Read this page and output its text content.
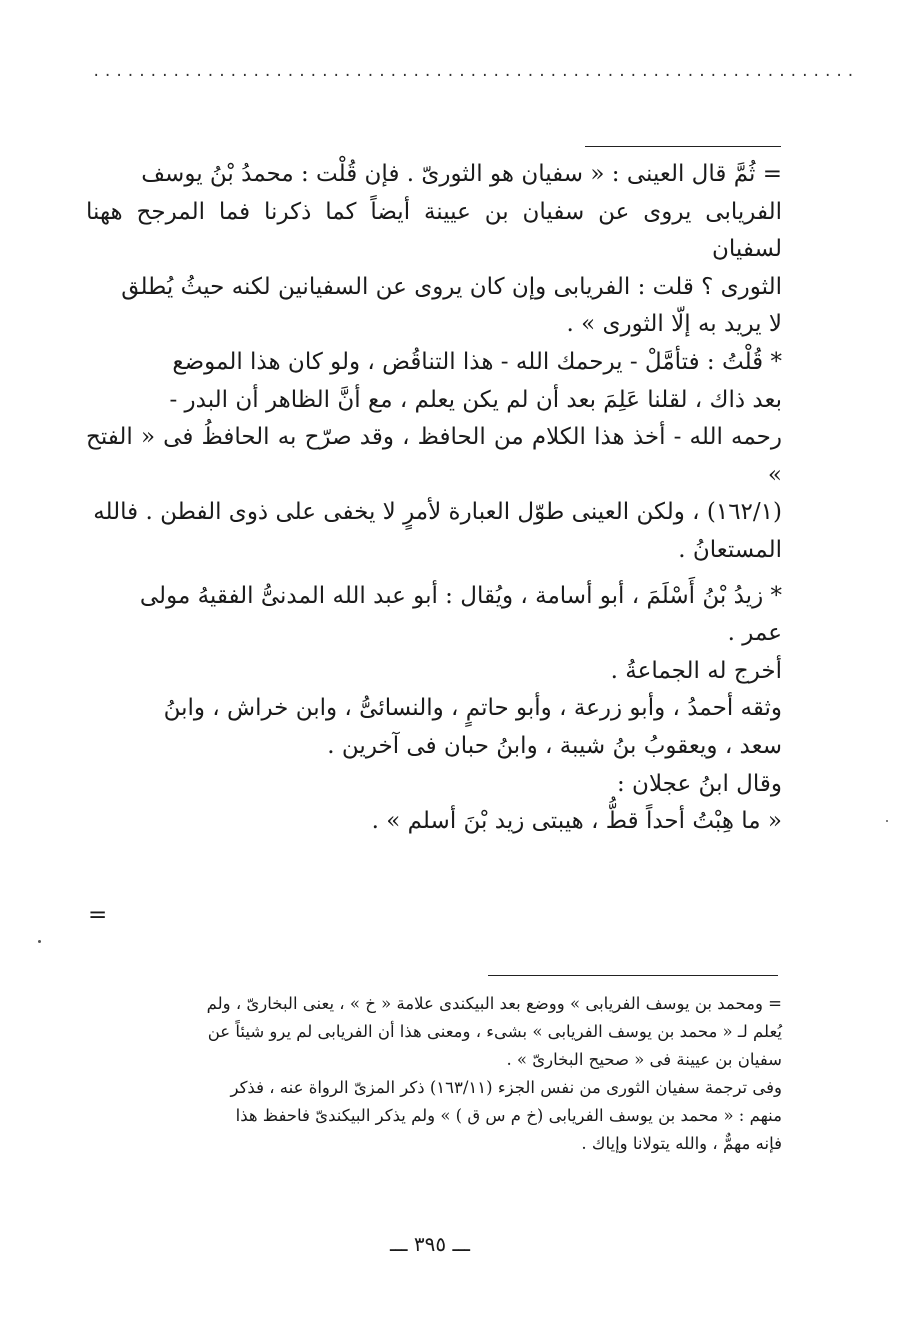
...................................................................

= ثُمَّ قال العينى : « سفيان هو الثورىّ . فإن قُلْت : محمدُ بْنُ يوسف

الفريابى يروى عن سفيان بن عيينة أيضاً كما ذكرنا فما المرجح ههنا لسفيان

الثورى ؟ قلت : الفريابى وإن كان يروى عن السفيانين لكنه حيثُ يُطلق

لا يريد به إلّا الثورى » .

* قُلْتُ : فتأمَّلْ - يرحمك الله - هذا التناقُض ، ولو كان هذا الموضع

بعد ذاك ، لقلنا عَلِمَ بعد أن لم يكن يعلم ، مع أنَّ الظاهر أن البدر -

رحمه الله - أخذ هذا الكلام من الحافظ ، وقد صرّح به الحافظُ فى « الفتح »

(١٦٢/١) ، ولكن العينى طوّل العبارة لأمرٍ لا يخفى على ذوى الفطن . فالله

المستعانُ .

* زيدُ بْنُ أَسْلَمَ ، أبو أسامة ، ويُقال : أبو عبد الله المدنىُّ الفقيهُ مولى

عمر .

أخرج له الجماعةُ .

وثقه أحمدُ ، وأبو زرعة ، وأبو حاتمٍ ، والنسائىُّ ، وابن خراش ، وابنُ

سعد ، ويعقوبُ بنُ شيبة ، وابنُ حبان فى آخرين .

وقال ابنُ عجلان :

« ما هِبْتُ أحداً قطُّ ، هيبتى زيد بْنَ أسلم » .

=

= ومحمد بن يوسف الفريابى » ووضع بعد البيكندى علامة « خ » ، يعنى البخارىّ ، ولم

يُعلم لـ « محمد بن يوسف الفريابى » بشىء ، ومعنى هذا أن الفريابى لم يرو شيئاً عن

سفيان بن عيينة فى « صحيح البخارىّ » .

وفى ترجمة سفيان الثورى من نفس الجزء (١٦٣/١١) ذكر المزىّ الرواة عنه ، فذكر

منهم : « محمد بن يوسف الفريابى (خ م س ق ) » ولم يذكر البيكندىّ فاحفظ هذا

فإنه مهمٌّ ، والله يتولانا وإياك .

ـــ ٣٩٥ ـــ
